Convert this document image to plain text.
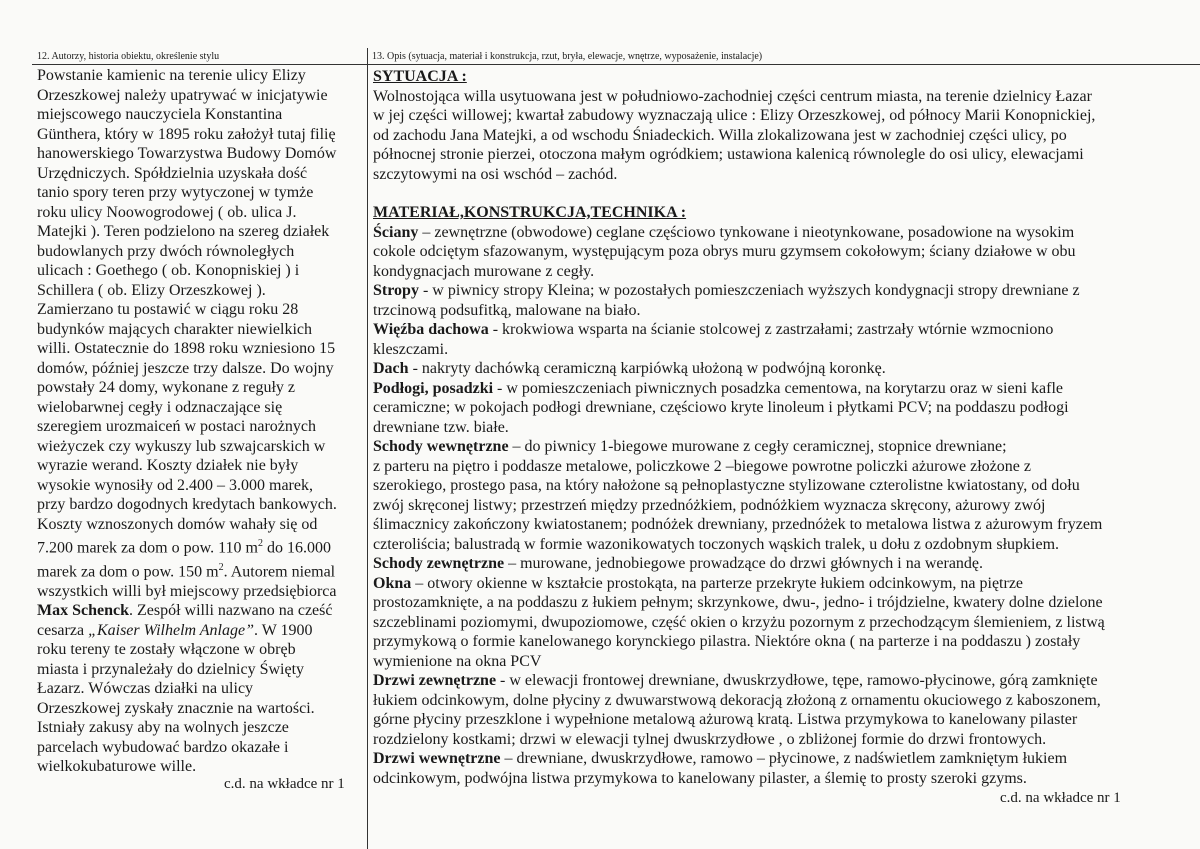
12. Autorzy, historia obiektu, określenie stylu	13. Opis (sytuacja, materiał i konstrukcja, rzut, bryła, elewacje, wnętrze, wyposażenie, instalacje)
Powstanie kamienic na terenie ulicy Elizy
Orzeszkowej należy upatrywać w inicjatywie
miejscowego nauczyciela Konstantina
Günthera, który w 1895 roku założył tutaj filię
hanowerskiego Towarzystwa Budowy Domów
Urzędniczych. Spółdzielnia uzyskała dość
tanio spory teren przy wytyczonej w tymże
roku ulicy Noowogrodowej ( ob. ulica J.
Matejki ). Teren podzielono na szereg działek
budowlanych przy dwóch równoległych
ulicach : Goethego ( ob. Konopniskiej ) i
Schillera ( ob. Elizy Orzeszkowej ).
Zamierzano tu postawić w ciągu roku 28
budynków mających charakter niewielkich
willi. Ostatecznie do 1898 roku wzniesiono 15
domów, później jeszcze trzy dalsze. Do wojny
powstały 24 domy, wykonane z reguły z
wielobarwnej cegły i odznaczające się
szeregiem urozmaiceń w postaci narożnych
wieżyczek czy wykuszy lub szwajcarskich w
wyrazie werand. Koszty działek nie były
wysokie wynosiły od 2.400 – 3.000 marek,
przy bardzo dogodnych kredytach bankowych.
Koszty wznoszonych domów wahały się od
7.200 marek za dom o pow. 110 $m^2$ do 16.000
marek za dom o pow. 150 $m^2$. Autorem niemal
wszystkich willi był miejscowy przedsiębiorca
Max Schenck. Zespół willi nazwano na cześć
cesarza „Kaiser Wilhelm Anlage”. W 1900
roku tereny te zostały włączone w obręb
miasta i przynależały do dzielnicy Święty
Łazarz. Wówczas działki na ulicy
Orzeszkowej zyskały znacznie na wartości.
Istniały zakusy aby na wolnych jeszcze
parcelach wybudować bardzo okazałe i
wielkokubaturowe wille.
c.d. na wkładce nr 1
SYTUACJA :
Wolnostojąca willa usytuowana jest w południowo-zachodniej części centrum miasta, na terenie dzielnicy Łazar
w jej części willowej; kwartał zabudowy wyznaczają ulice : Elizy Orzeszkowej, od północy Marii Konopnickiej,
od zachodu Jana Matejki, a od wschodu Śniadeckich. Willa zlokalizowana jest w zachodniej części ulicy, po
północnej stronie pierzei, otoczona małym ogródkiem; ustawiona kalenicą równolegle do osi ulicy, elewacjami
szczytowymi na osi wschód – zachód.
MATERIAŁ,KONSTRUKCJA,TECHNIKA :
Ściany – zewnętrzne (obwodowe) ceglane częściowo tynkowane i nieotynkowane, posadowione na wysokim
cokole odciętym sfazowanym, występującym poza obrys muru gzymsem cokołowym; ściany działowe w obu
kondygnacjach murowane z cegły.
Stropy - w piwnicy stropy Kleina; w pozostałych pomieszczeniach wyższych kondygnacji stropy drewniane z
trzcinową podsufitką, malowane na biało.
Więźba dachowa - krokwiowa wsparta na ścianie stolcowej z zastrzałami; zastrzały wtórnie wzmocniono
kleszczami.
Dach - nakryty dachówką ceramiczną karpiówką ułożoną w podwójną koronkę.
Podłogi, posadzki - w pomieszczeniach piwnicznych posadzka cementowa, na korytarzu oraz w sieni kafle
ceramiczne; w pokojach podłogi drewniane, częściowo kryte linoleum i płytkami PCV; na poddaszu podłogi
drewniane tzw. białe.
Schody wewnętrzne – do piwnicy 1-biegowe murowane z cegły ceramicznej, stopnice drewniane;
z parteru na piętro i poddasze metalowe, policzkowe 2 –biegowe powrotne policzki ażurowe złożone z
szerokiego, prostego pasa, na który nałożone są pełnoplastyczne stylizowane czterolistne kwiatostany, od dołu
zwój skręconej listwy; przestrzeń między przednóżkiem, podnóżkiem wyznacza skręcony, ażurowy zwój
ślimacznicy zakończony kwiatostanem; podnóżek drewniany, przednóżek to metalowa listwa z ażurowym fryzem
czteroliścia; balustradą w formie wazonikowatych toczonych wąskich tralek, u dołu z ozdobnym słupkiem.
Schody zewnętrzne – murowane, jednobiegowe prowadzące do drzwi głównych i na werandę.
Okna – otwory okienne w kształcie prostokąta, na parterze przekryte łukiem odcinkowym, na piętrze
prostozamknięte, a na poddaszu z łukiem pełnym; skrzynkowe, dwu-, jedno- i trójdzielne, kwatery dolne dzielone
szczeblinami poziomymi, dwupoziomowe, część okien o krzyżu pozornym z przechodzącym ślemieniem, z listwą
przymykową o formie kanelowanego korynckiego pilastra. Niektóre okna ( na parterze i na poddaszu ) zostały
wymienione na okna PCV
Drzwi zewnętrzne - w elewacji frontowej drewniane, dwuskrzydłowe, tępe, ramowo-płycinowe, górą zamknięte
łukiem odcinkowym, dolne płyciny z dwuwarstwową dekoracją złożoną z ornamentu okuciowego z kaboszonem,
górne płyciny przeszklone i wypełnione metalową ażurową kratą. Listwa przymykowa to kanelowany pilaster
rozdzielony kostkami; drzwi w elewacji tylnej dwuskrzydłowe , o zbliżonej formie do drzwi frontowych.
Drzwi wewnętrzne – drewniane, dwuskrzydłowe, ramowo – płycinowe, z nadświetlem zamkniętym łukiem
odcinkowym, podwójna listwa przymykowa to kanelowany pilaster, a ślemię to prosty szeroki gzyms.
c.d. na wkładce nr 1
